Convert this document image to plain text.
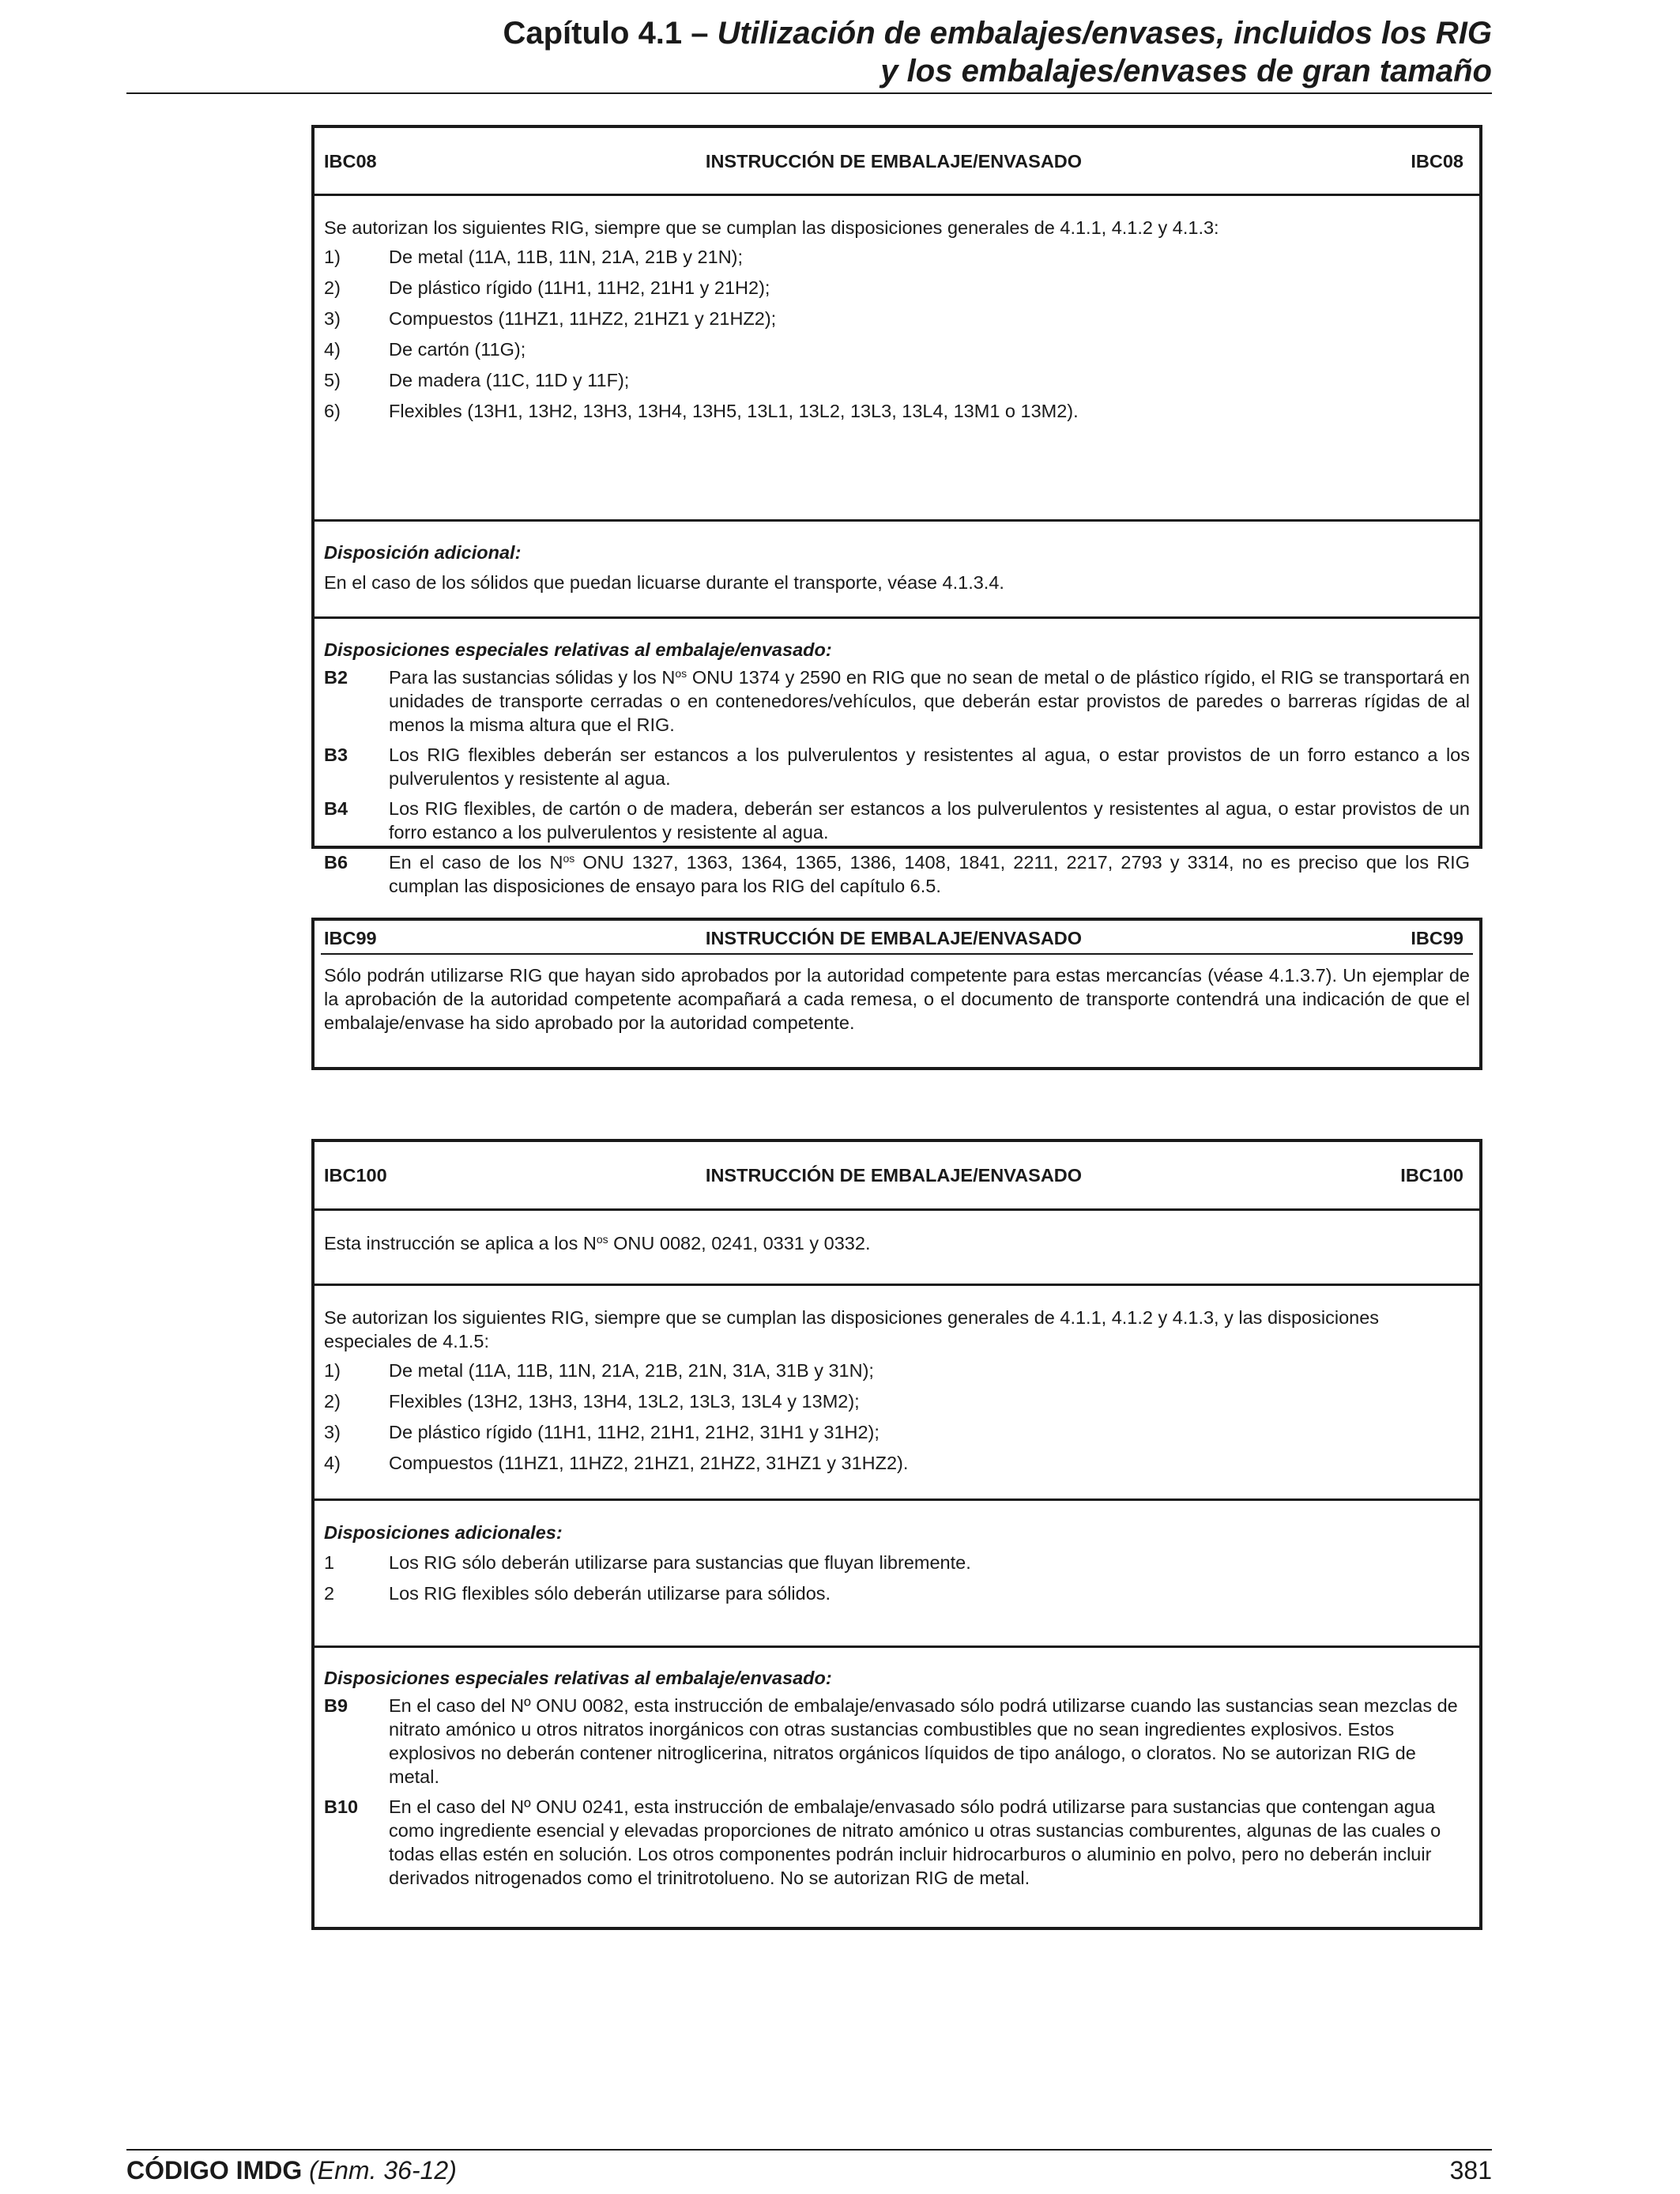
Capítulo 4.1 – Utilización de embalajes/envases, incluidos los RIG
y los embalajes/envases de gran tamaño
IBC08	INSTRUCCIÓN DE EMBALAJE/ENVASADO	IBC08

Se autorizan los siguientes RIG, siempre que se cumplan las disposiciones generales de 4.1.1, 4.1.2 y 4.1.3:

1)	De metal (11A, 11B, 11N, 21A, 21B y 21N);
2)	De plástico rígido (11H1, 11H2, 21H1 y 21H2);
3)	Compuestos (11HZ1, 11HZ2, 21HZ1 y 21HZ2);
4)	De cartón (11G);
5)	De madera (11C, 11D y 11F);
6)	Flexibles (13H1, 13H2, 13H3, 13H4, 13H5, 13L1, 13L2, 13L3, 13L4, 13M1 o 13M2).

Disposición adicional:

En el caso de los sólidos que puedan licuarse durante el transporte, véase 4.1.3.4.

Disposiciones especiales relativas al embalaje/envasado:

B2	Para las sustancias sólidas y los $N^{os}$ ONU 1374 y 2590 en RIG que no sean de metal o de plástico rígido, el RIG se transportará en unidades de transporte cerradas o en contenedores/vehículos, que deberán estar provistos de paredes o barreras rígidas de al menos la misma altura que el RIG.
B3	Los RIG flexibles deberán ser estancos a los pulverulentos y resistentes al agua, o estar provistos de un forro estanco a los pulverulentos y resistente al agua.
B4	Los RIG flexibles, de cartón o de madera, deberán ser estancos a los pulverulentos y resistentes al agua, o estar provistos de un forro estanco a los pulverulentos y resistente al agua.
B6	En el caso de los $N^{os}$ ONU 1327, 1363, 1364, 1365, 1386, 1408, 1841, 2211, 2217, 2793 y 3314, no es preciso que los RIG cumplan las disposiciones de ensayo para los RIG del capítulo 6.5.
IBC99	INSTRUCCIÓN DE EMBALAJE/ENVASADO	IBC99

Sólo podrán utilizarse RIG que hayan sido aprobados por la autoridad competente para estas mercancías (véase 4.1.3.7). Un ejemplar de la aprobación de la autoridad competente acompañará a cada remesa, o el documento de transporte contendrá una indicación de que el embalaje/envase ha sido aprobado por la autoridad competente.

IBC100	INSTRUCCIÓN DE EMBALAJE/ENVASADO	IBC100

Esta instrucción se aplica a los $N^{os}$ ONU 0082, 0241, 0331 y 0332.

Se autorizan los siguientes RIG, siempre que se cumplan las disposiciones generales de 4.1.1, 4.1.2 y 4.1.3, y las disposiciones especiales de 4.1.5:

1)	De metal (11A, 11B, 11N, 21A, 21B, 21N, 31A, 31B y 31N);
2)	Flexibles (13H2, 13H3, 13H4, 13L2, 13L3, 13L4 y 13M2);
3)	De plástico rígido (11H1, 11H2, 21H1, 21H2, 31H1 y 31H2);
4)	Compuestos (11HZ1, 11HZ2, 21HZ1, 21HZ2, 31HZ1 y 31HZ2).

Disposiciones adicionales:

1	Los RIG sólo deberán utilizarse para sustancias que fluyan libremente.
2	Los RIG flexibles sólo deberán utilizarse para sólidos.

Disposiciones especiales relativas al embalaje/envasado:

B9	En el caso del Nº ONU 0082, esta instrucción de embalaje/envasado sólo podrá utilizarse cuando las sustancias sean mezclas de nitrato amónico u otros nitratos inorgánicos con otras sustancias combustibles que no sean ingredientes explosivos. Estos explosivos no deberán contener nitroglicerina, nitratos orgánicos líquidos de tipo análogo, o cloratos. No se autorizan RIG de metal.
B10	En el caso del Nº ONU 0241, esta instrucción de embalaje/envasado sólo podrá utilizarse para sustancias que contengan agua como ingrediente esencial y elevadas proporciones de nitrato amónico u otras sustancias comburentes, algunas de las cuales o todas ellas estén en solución. Los otros componentes podrán incluir hidrocarburos o aluminio en polvo, pero no deberán incluir derivados nitrogenados como el trinitrotolueno. No se autorizan RIG de metal.
CÓDIGO IMDG (Enm. 36-12)	381
